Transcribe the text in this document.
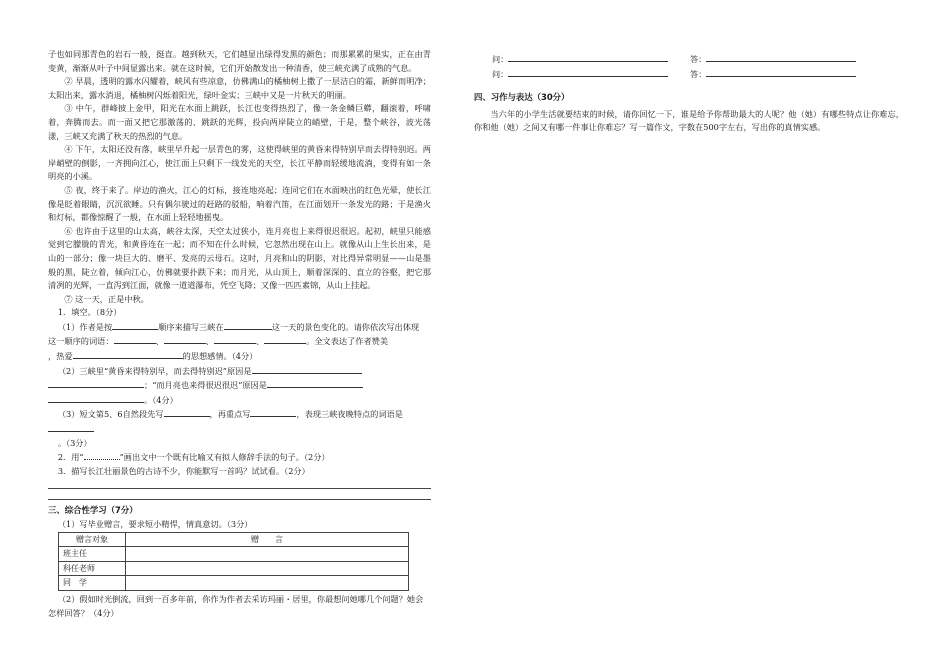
子也如同那青色的岩石一般，挺直。越到秋天，它们越显出绿得发黑的颜色；而那累累的果实，正在由青变黄，渐渐从叶子中间显露出来。就在这时候，它们开始散发出一种清香，使三峡充满了成熟的气息。

② 早晨，透明的露水闪耀着，峡风有些凉意，仿佛满山的橘柚树上撒了一层洁白的霜，新鲜而明净；太阳出来，露水消退，橘柚树闪烁着阳光，绿叶金实；三峡中又是一片秋天的明丽。

③ 中午，群峰披上金甲，阳光在水面上跳跃，长江也变得热烈了，像一条金鳞巨蟒，翻滚着，呼啸着，奔腾而去。而一面又把它那激荡的、跳跃的光辉，投向两岸陡立的峭壁，于是，整个峡谷，波光荡漾，三峡又充满了秋天的热烈的气息。

④ 下午，太阳还没有落，峡里早升起一层青色的雾，这使得峡里的黄昏来得特别早而去得特别迟。两岸峭壁的倒影，一齐拥向江心，使江面上只剩下一线发光的天空，长江平静而轻缓地流淌，变得有如一条明亮的小溪。

⑤ 夜，终于来了。岸边的渔火，江心的灯标，接连地亮起；连同它们在水面映出的红色光晕，使长江像是眨着眼睛，沉沉欲睡。只有偶尔驶过的赶路的驳船，响着汽笛，在江面划开一条发光的路；于是渔火和灯标，都像惊醒了一般，在水面上轻轻地摇曳。

⑥ 也许由于这里的山太高，峡谷太深，天空太过狭小，连月亮也上来得很迟很迟。起初，峡里只能感觉到它朦胧的青光，和黄昏连在一起；而不知在什么时候，它忽然出现在山上。就像从山上生长出来，是山的一部分；像一块巨大的、磨平、发亮的云母石。这时，月亮和山的阴影，对比得异常明显——山是墨般的黑，陡立着，倾向江心，仿佛就要扑跌下来；而月光，从山顶上，顺着深深的、直立的谷壑，把它那清冽的光辉，一直泻到江面，就像一道道瀑布，凭空飞降；又像一匹匹素锦，从山上挂起。

⑦ 这一天，正是中秋。

1．填空。（8分）
（1）作者是按	顺序来描写三峡在	这一天的景色变化的。请你依次写出体现
这一顺序的词语：	、	、	、	。全文表达了作者赞美
，热爱	的思想感情。（4分）
（2）三峡里“黄昏来得特别早，而去得特别迟”原因是
；“而月亮也来得很迟很迟”原因是
。（4分）
（3）短文第5、6自然段先写	，再重点写	，表现三峡夜晚特点的词语是
。（3分）
2．用“	”画出文中一个既有比喻又有拟人修辞手法的句子。（2分）
3．描写长江壮丽景色的古诗不少，你能默写一首吗？试试看。（2分）
三、综合性学习（7分）
（1）写毕业赠言，要求短小精悍，情真意切。（3分）
赠言对象	赠　　言
班主任	
科任老师	
同　学	
（2）假如时光倒流，回到一百多年前，你作为作者去采访玛丽・居里，你最想问她哪几个问题？她会怎样回答？（4分）
问：	答：
问：	答：
四、习作与表达（30分）

当六年的小学生活就要结束的时候，请你回忆一下，谁是给予你帮助最大的人呢？他（她）有哪些特点让你难忘，你和他（她）之间又有哪一件事让你难忘？写一篇作文，字数在500字左右，写出你的真情实感。
